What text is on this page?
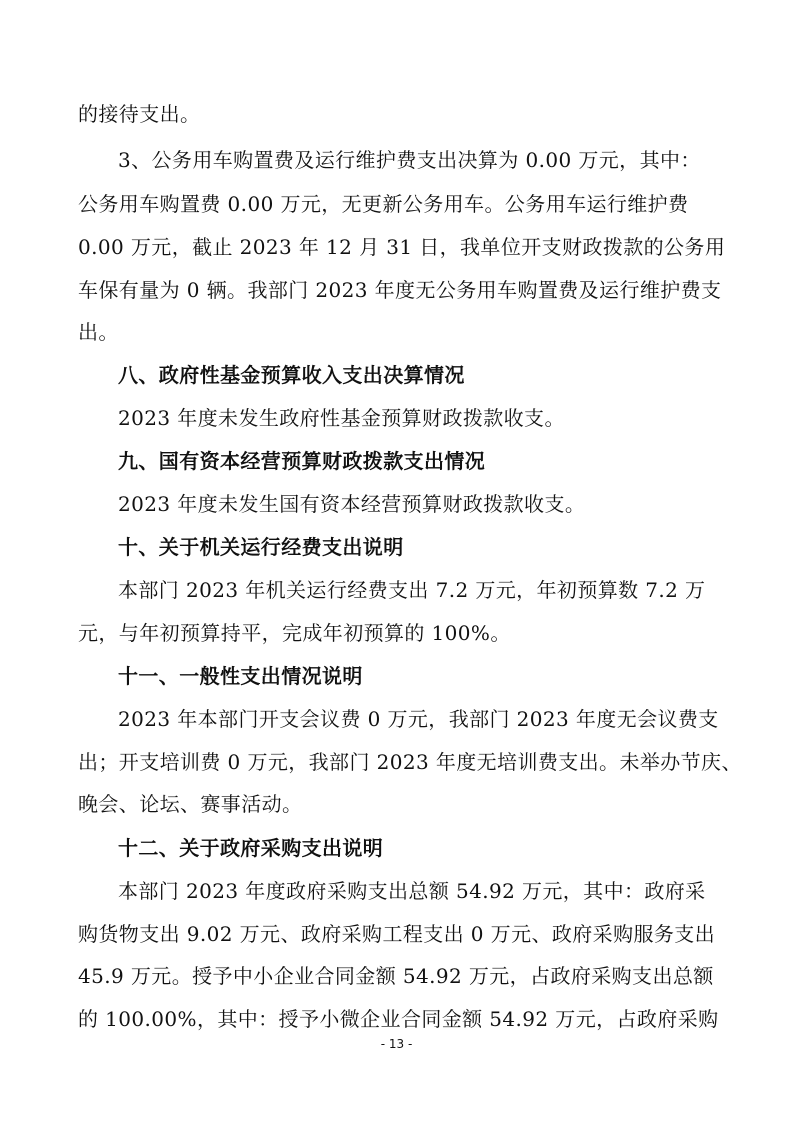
的接待支出。
3、公务用车购置费及运行维护费支出决算为 0.00 万元，其中：
公务用车购置费 0.00 万元，无更新公务用车。公务用车运行维护费
0.00 万元，截止 2023 年 12 月 31 日，我单位开支财政拨款的公务用
车保有量为 0 辆。我部门 2023 年度无公务用车购置费及运行维护费支
出。
八、政府性基金预算收入支出决算情况
2023 年度未发生政府性基金预算财政拨款收支。
九、国有资本经营预算财政拨款支出情况
2023 年度未发生国有资本经营预算财政拨款收支。
十、关于机关运行经费支出说明
本部门 2023 年机关运行经费支出 7.2 万元，年初预算数 7.2 万
元，与年初预算持平，完成年初预算的 100%。
十一、一般性支出情况说明
2023 年本部门开支会议费 0 万元，我部门 2023 年度无会议费支
出；开支培训费 0 万元，我部门 2023 年度无培训费支出。未举办节庆、
晚会、论坛、赛事活动。
十二、关于政府采购支出说明
本部门 2023 年度政府采购支出总额 54.92 万元，其中：政府采
购货物支出 9.02 万元、政府采购工程支出 0 万元、政府采购服务支出
45.9 万元。授予中小企业合同金额 54.92 万元，占政府采购支出总额
的 100.00%，其中：授予小微企业合同金额 54.92 万元，占政府采购
- 13 -
